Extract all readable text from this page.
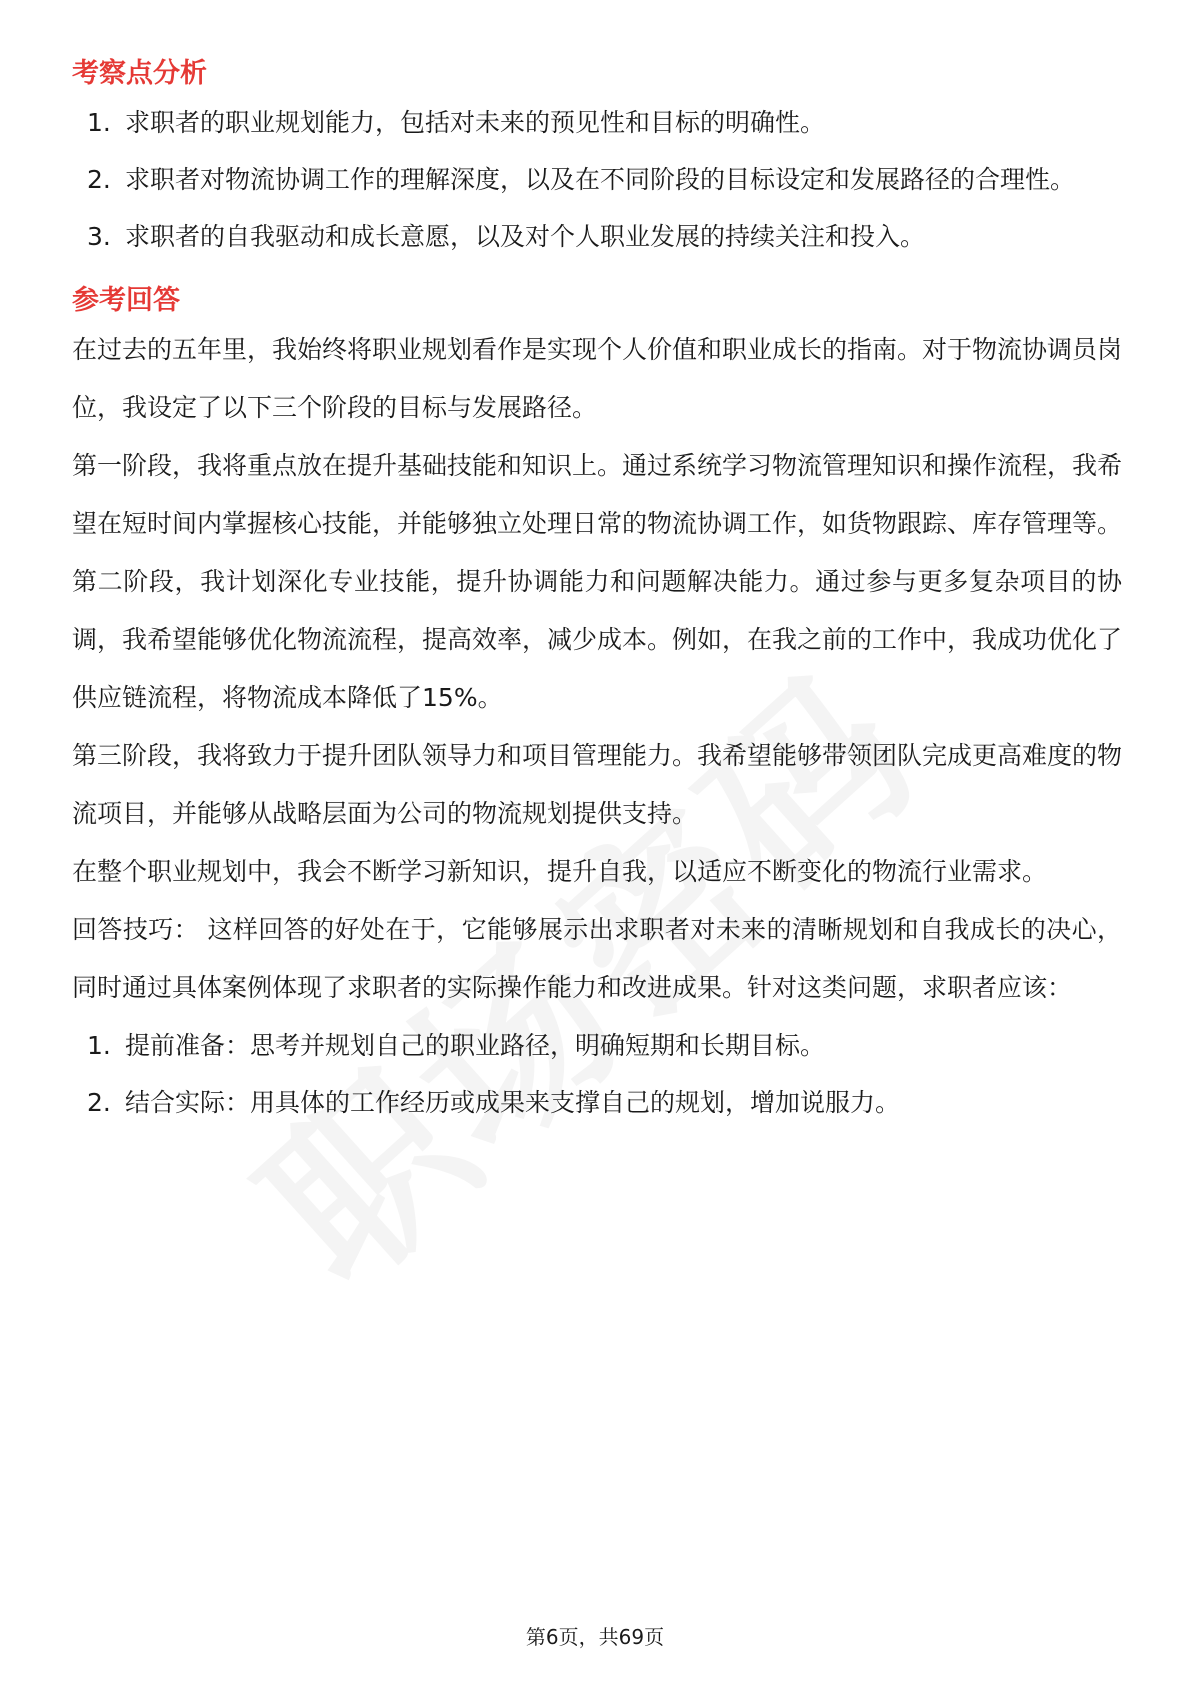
考察点分析
1. 求职者的职业规划能力，包括对未来的预见性和目标的明确性。
2. 求职者对物流协调工作的理解深度，以及在不同阶段的目标设定和发展路径的合理性。
3. 求职者的自我驱动和成长意愿，以及对个人职业发展的持续关注和投入。
参考回答

在过去的五年里，我始终将职业规划看作是实现个人价值和职业成长的指南。对于物流协调员岗位，我设定了以下三个阶段的目标与发展路径。

第一阶段，我将重点放在提升基础技能和知识上。通过系统学习物流管理知识和操作流程，我希望在短时间内掌握核心技能，并能够独立处理日常的物流协调工作，如货物跟踪、库存管理等。

第二阶段，我计划深化专业技能，提升协调能力和问题解决能力。通过参与更多复杂项目的协调，我希望能够优化物流流程，提高效率，减少成本。例如，在我之前的工作中，我成功优化了供应链流程，将物流成本降低了15%。

第三阶段，我将致力于提升团队领导力和项目管理能力。我希望能够带领团队完成更高难度的物流项目，并能够从战略层面为公司的物流规划提供支持。

在整个职业规划中，我会不断学习新知识，提升自我，以适应不断变化的物流行业需求。

回答技巧： 这样回答的好处在于，它能够展示出求职者对未来的清晰规划和自我成长的决心，同时通过具体案例体现了求职者的实际操作能力和改进成果。针对这类问题，求职者应该：

1. 提前准备：思考并规划自己的职业路径，明确短期和长期目标。
2. 结合实际：用具体的工作经历或成果来支撑自己的规划，增加说服力。
第6页，共69页
